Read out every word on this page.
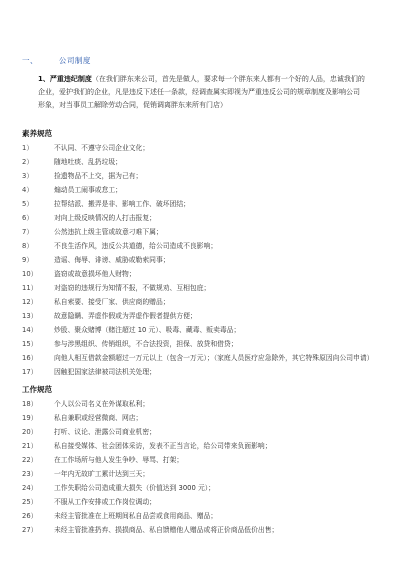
一、	公司制度
1、严重违纪制度（在我们胖东来公司，首先是做人，要求每一个胖东来人都有一个好的人品，忠诚我们的企业，爱护我们的企业，凡是违反下述任一条款，经调查属实即视为严重违反公司的规章制度及影响公司形象，对当事员工解除劳动合同，促销调离胖东来所有门店）
素养规范
1）	不认同、不遵守公司企业文化；
2）	随地吐痰、乱扔垃圾；
3）	捡遗物品不上交，据为己有；
4）	煽动员工闹事或怠工；
5）	拉帮结派、搬弄是非、影响工作、破坏团结；
6）	对向上级反映情况的人打击报复；
7）	公然违抗上级主管或故意刁难下属；
8）	不良生活作风，违反公共道德，给公司造成不良影响；
9）	造谣、侮辱、诽谤、威胁或勒索同事；
10）	盗窃或故意损坏他人财物；
11）	对盗窃的违规行为知情不报，不做规劝、互相包庇；
12）	私自索要、接受厂家、供应商的赠品；
13）	故意隐瞒、弄虚作假或为弄虚作假者提供方便；
14）	炒股、聚众赌博（赌注超过 10 元）、吸毒、藏毒、贩卖毒品；
15）	参与涉黑组织、传销组织，不合法投资，担保、放贷和借贷；
16）	向他人相互借款金额超过一万元以上（包含一万元）；（家庭人员医疗应急除外，其它特殊原因向公司申请）
17）	因触犯国家法律被司法机关处理；
工作规范
18）	个人以公司名义在外谋取私利；
19）	私自兼职或经营微商、网店；
20）	打听、议论、泄露公司商业机密；
21）	私自接受媒体、社会团体采访，发表不正当言论，给公司带来负面影响；
22）	在工作场所与他人发生争吵、辱骂、打架；
23）	一年内无故旷工累计达到三天；
24）	工作失职给公司造成重大损失（价值达到 3000 元）；
25）	不服从工作安排或工作岗位调动；
26）	未经主管批准在上班期间私自品尝或食用商品、赠品；
27）	未经主管批准扔弃、损损商品、私自馈赠他人赠品或将正价商品低价出售；
